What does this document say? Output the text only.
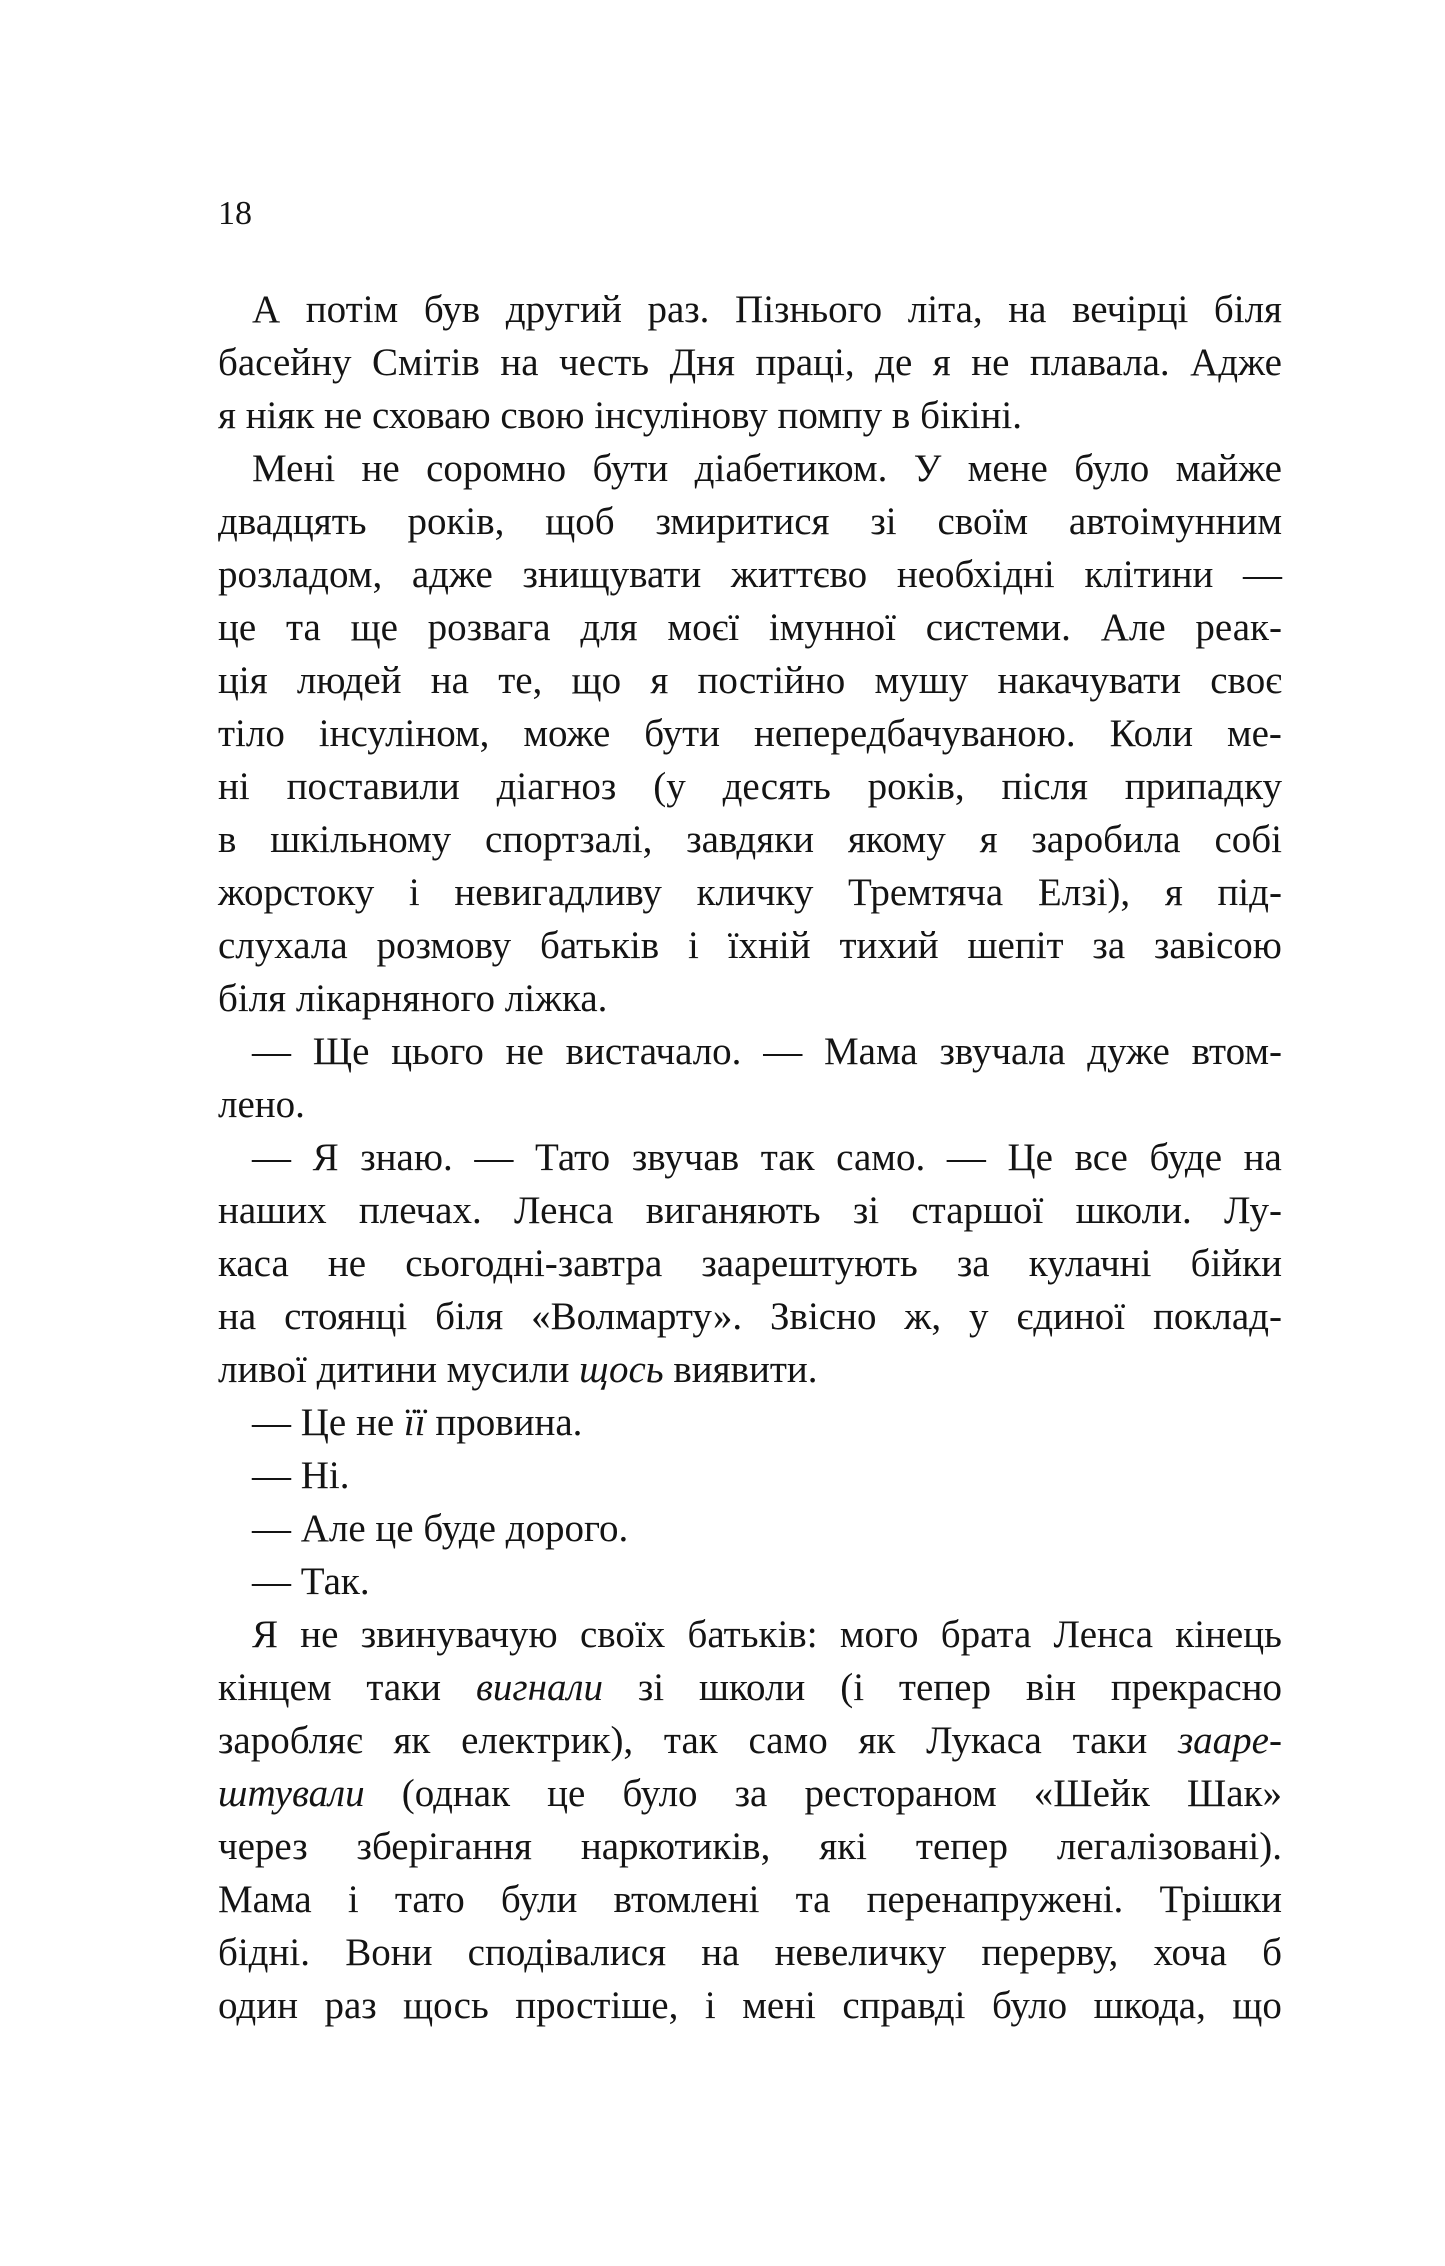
18
А потім був другий раз. Пізнього літа, на вечірці біля
басейну Смітів на честь Дня праці, де я не плавала. Адже
я ніяк не сховаю свою інсулінову помпу в бікіні.
Мені не соромно бути діабетиком. У мене було майже
двадцять років, щоб змиритися зі своїм автоімунним
розладом, адже знищувати життєво необхідні клітини —
це та ще розвага для моєї імунної системи. Але реак-
ція людей на те, що я постійно мушу накачувати своє
тіло інсуліном, може бути непередбачуваною. Коли ме-
ні поставили діагноз (у десять років, після припадку
в шкільному спортзалі, завдяки якому я заробила собі
жорстоку і невигадливу кличку Тремтяча Елзі), я під-
слухала розмову батьків і їхній тихий шепіт за завісою
біля лікарняного ліжка.
— Ще цього не вистачало. — Мама звучала дуже втом-
лено.
— Я знаю. — Тато звучав так само. — Це все буде на
наших плечах. Ленса виганяють зі старшої школи. Лу-
каса не сьогодні-завтра заарештують за кулачні бійки
на стоянці біля «Волмарту». Звісно ж, у єдиної поклад-
ливої дитини мусили щось виявити.
— Це не її провина.
— Ні.
— Але це буде дорого.
— Так.
Я не звинувачую своїх батьків: мого брата Ленса кінець
кінцем таки вигнали зі школи (і тепер він прекрасно
заробляє як електрик), так само як Лукаса таки зааре-
штували (однак це було за рестораном «Шейк Шак»
через зберігання наркотиків, які тепер легалізовані).
Мама і тато були втомлені та перенапружені. Трішки
бідні. Вони сподівалися на невеличку перерву, хоча б
один раз щось простіше, і мені справді було шкода, що
